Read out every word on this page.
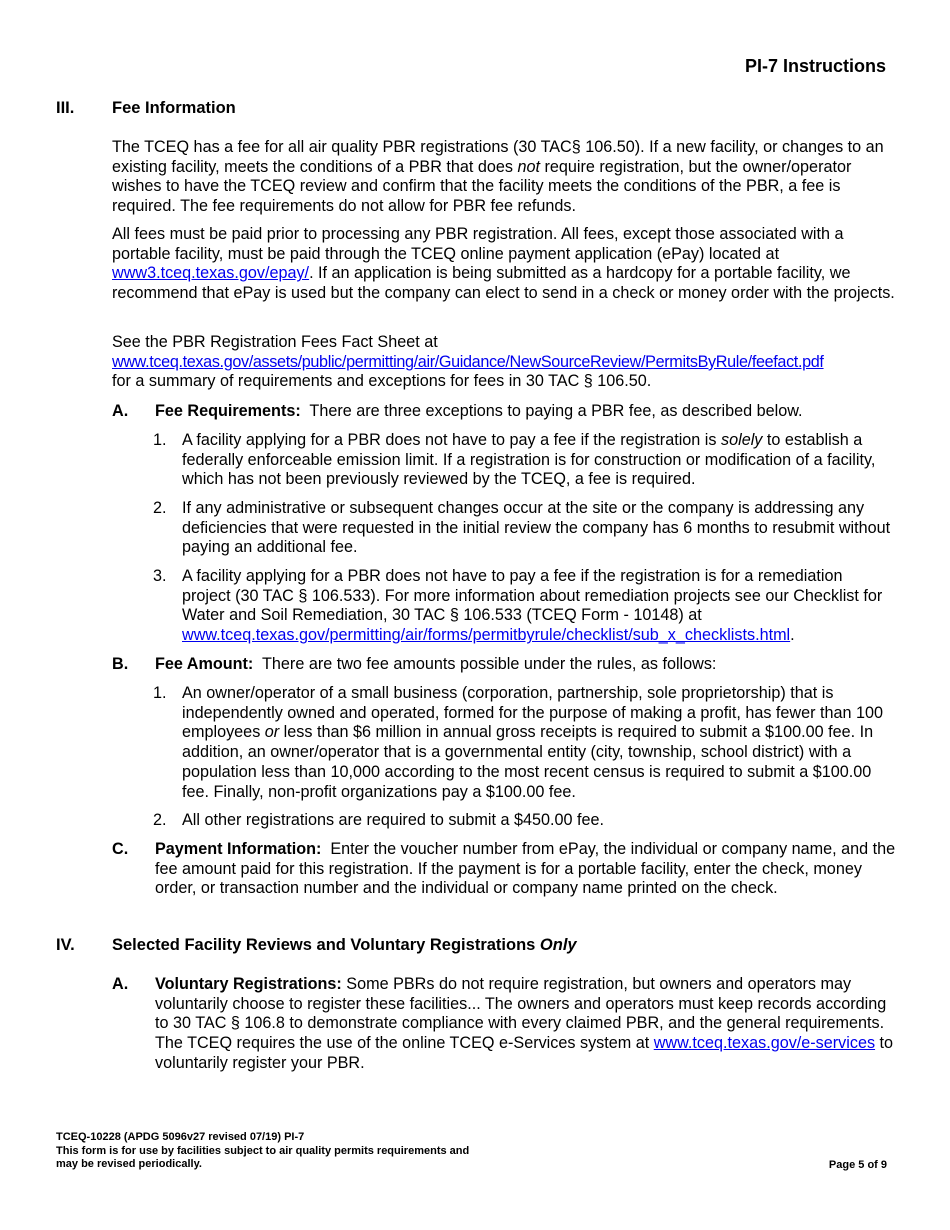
PI-7 Instructions
III. Fee Information

The TCEQ has a fee for all air quality PBR registrations (30 TAC§ 106.50). If a new facility, or changes to an existing facility, meets the conditions of a PBR that does not require registration, but the owner/operator wishes to have the TCEQ review and confirm that the facility meets the conditions of the PBR, a fee is required. The fee requirements do not allow for PBR fee refunds.

All fees must be paid prior to processing any PBR registration. All fees, except those associated with a portable facility, must be paid through the TCEQ online payment application (ePay) located at www3.tceq.texas.gov/epay/. If an application is being submitted as a hardcopy for a portable facility, we recommend that ePay is used but the company can elect to send in a check or money order with the projects.

See the PBR Registration Fees Fact Sheet at
www.tceq.texas.gov/assets/public/permitting/air/Guidance/NewSourceReview/PermitsByRule/feefact.pdf
for a summary of requirements and exceptions for fees in 30 TAC § 106.50.

A. Fee Requirements:  There are three exceptions to paying a PBR fee, as described below.
1. A facility applying for a PBR does not have to pay a fee if the registration is solely to establish a federally enforceable emission limit. If a registration is for construction or modification of a facility, which has not been previously reviewed by the TCEQ, a fee is required.
2. If any administrative or subsequent changes occur at the site or the company is addressing any deficiencies that were requested in the initial review the company has 6 months to resubmit without paying an additional fee.
3. A facility applying for a PBR does not have to pay a fee if the registration is for a remediation project (30 TAC § 106.533). For more information about remediation projects see our Checklist for Water and Soil Remediation, 30 TAC § 106.533 (TCEQ Form - 10148) at www.tceq.texas.gov/permitting/air/forms/permitbyrule/checklist/sub_x_checklists.html.
B. Fee Amount:  There are two fee amounts possible under the rules, as follows:
1. An owner/operator of a small business (corporation, partnership, sole proprietorship) that is independently owned and operated, formed for the purpose of making a profit, has fewer than 100 employees or less than $6 million in annual gross receipts is required to submit a $100.00 fee. In addition, an owner/operator that is a governmental entity (city, township, school district) with a population less than 10,000 according to the most recent census is required to submit a $100.00 fee. Finally, non-profit organizations pay a $100.00 fee.
2. All other registrations are required to submit a $450.00 fee.
C. Payment Information:  Enter the voucher number from ePay, the individual or company name, and the fee amount paid for this registration. If the payment is for a portable facility, enter the check, money order, or transaction number and the individual or company name printed on the check.
IV. Selected Facility Reviews and Voluntary Registrations Only
A. Voluntary Registrations: Some PBRs do not require registration, but owners and operators may voluntarily choose to register these facilities... The owners and operators must keep records according to 30 TAC § 106.8 to demonstrate compliance with every claimed PBR, and the general requirements. The TCEQ requires the use of the online TCEQ e-Services system at www.tceq.texas.gov/e-services to voluntarily register your PBR.
TCEQ-10228 (APDG 5096v27 revised 07/19) PI-7
This form is for use by facilities subject to air quality permits requirements and
may be revised periodically.	Page 5 of 9
